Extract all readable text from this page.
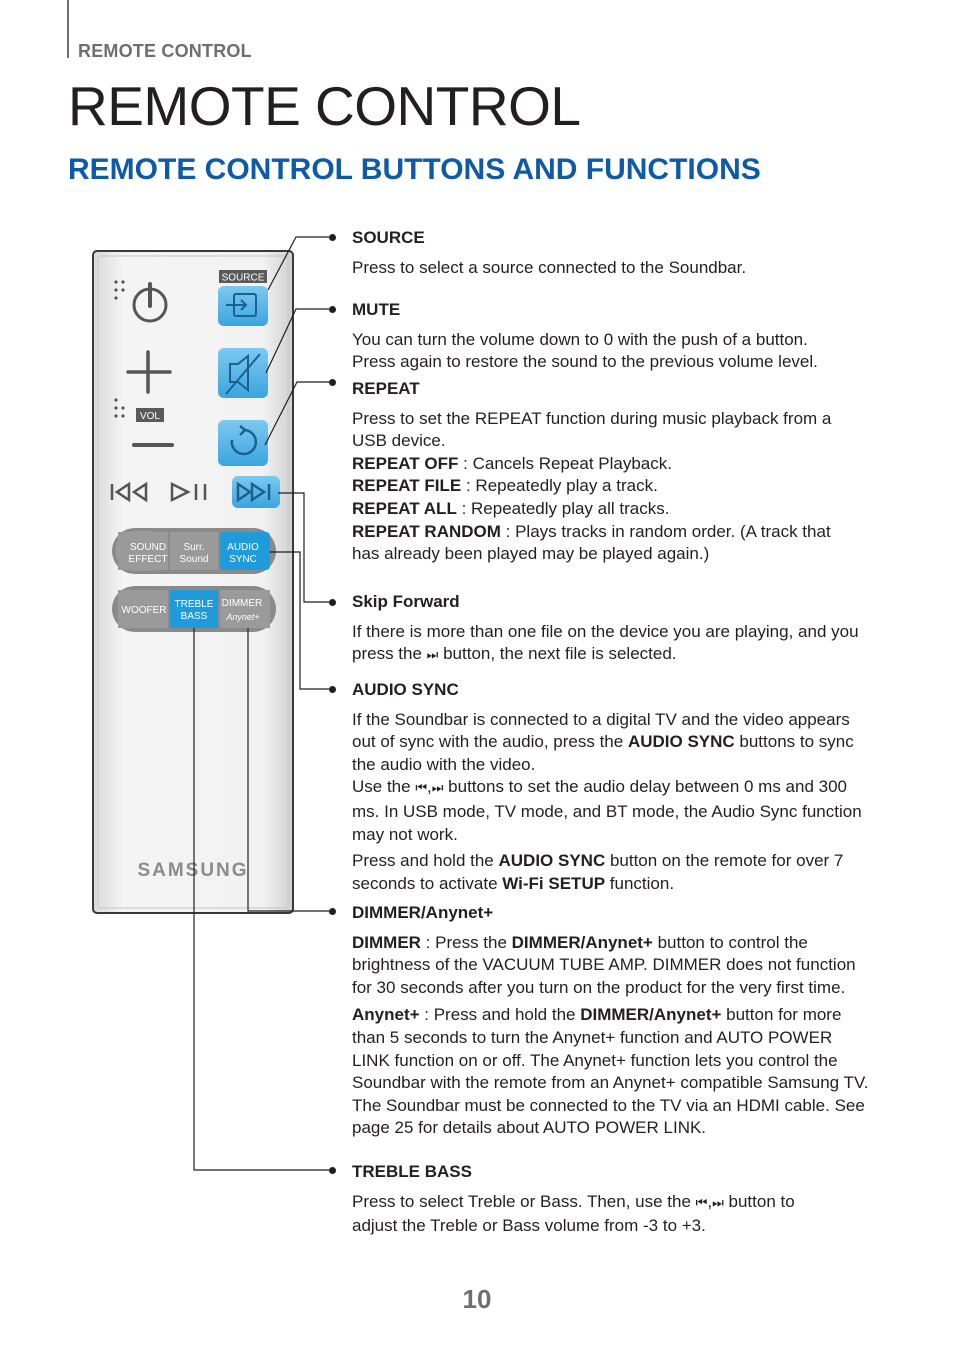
REMOTE CONTROL
REMOTE CONTROL
REMOTE CONTROL BUTTONS AND FUNCTIONS
SOURCE
VOL
SOUND
EFFECT
Surr.
Sound
AUDIO
SYNC
WOOFER
TREBLE
BASS
DIMMER
Anynet+
SAMSUNG
SOURCE

Press to select a source connected to the Soundbar.

MUTE

You can turn the volume down to 0 with the push of a button.

Press again to restore the sound to the previous volume level.

REPEAT

Press to set the REPEAT function during music playback from a USB device.

REPEAT OFF : Cancels Repeat Playback.

REPEAT FILE : Repeatedly play a track.

REPEAT ALL : Repeatedly play all tracks.

REPEAT RANDOM : Plays tracks in random order. (A track that has already been played may be played again.)

Skip Forward

If there is more than one file on the device you are playing, and you press the ⏭ button, the next file is selected.

AUDIO SYNC

If the Soundbar is connected to a digital TV and the video appears out of sync with the audio, press the AUDIO SYNC buttons to sync the audio with the video.

Use the ⏮,⏭ buttons to set the audio delay between 0 ms and 300 ms. In USB mode, TV mode, and BT mode, the Audio Sync function may not work.

Press and hold the AUDIO SYNC button on the remote for over 7 seconds to activate Wi-Fi SETUP function.

DIMMER/Anynet+

DIMMER : Press the DIMMER/Anynet+ button to control the brightness of the VACUUM TUBE AMP. DIMMER does not function for 30 seconds after you turn on the product for the very first time.

Anynet+ : Press and hold the DIMMER/Anynet+ button for more than 5 seconds to turn the Anynet+ function and AUTO POWER LINK function on or off. The Anynet+ function lets you control the Soundbar with the remote from an Anynet+ compatible Samsung TV. The Soundbar must be connected to the TV via an HDMI cable. See page 25 for details about AUTO POWER LINK.

TREBLE BASS

Press to select Treble or Bass. Then, use the ⏮,⏭ button to adjust the Treble or Bass volume from -3 to +3.

10
